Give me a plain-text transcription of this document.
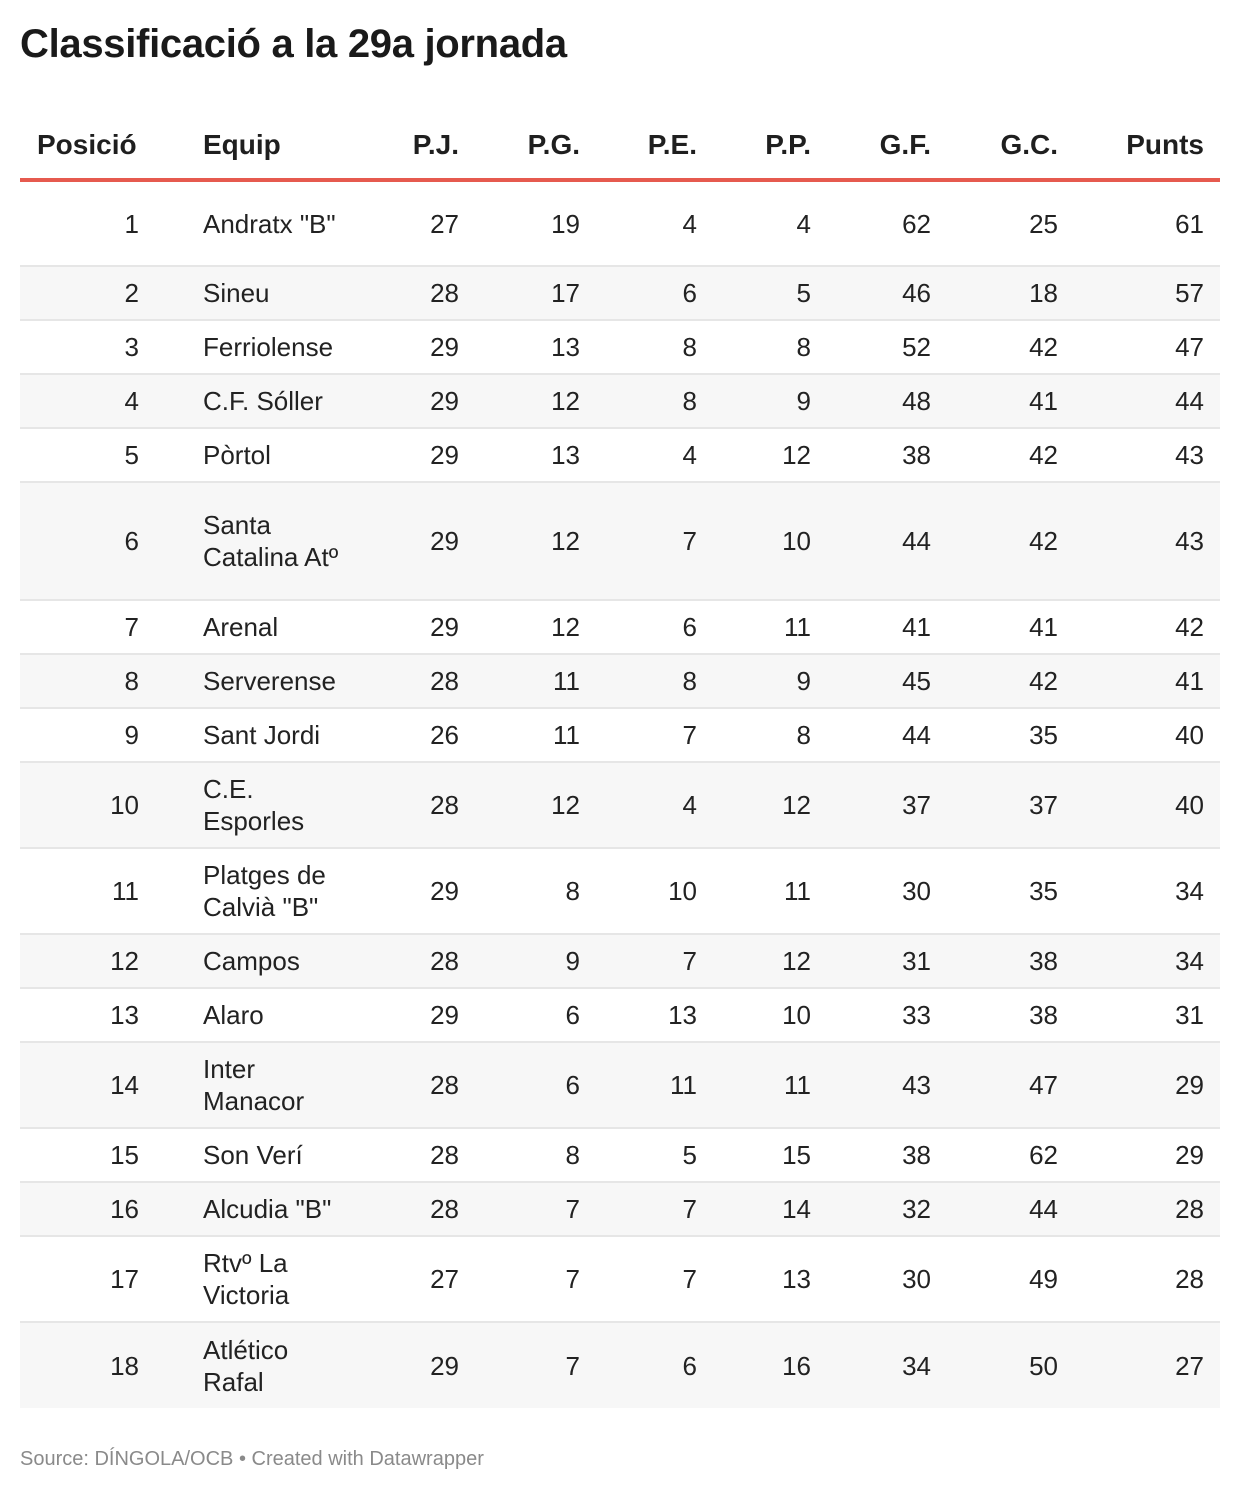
Classificació a la 29a jornada
Posició	Equip	P.J.	P.G.	P.E.	P.P.	G.F.	G.C.	Punts
1	Andratx "B"	27	19	4	4	62	25	61
2	Sineu	28	17	6	5	46	18	57
3	Ferriolense	29	13	8	8	52	42	47
4	C.F. Sóller	29	12	8	9	48	41	44
5	Pòrtol	29	13	4	12	38	42	43
6	Santa Catalina Atº	29	12	7	10	44	42	43
7	Arenal	29	12	6	11	41	41	42
8	Serverense	28	11	8	9	45	42	41
9	Sant Jordi	26	11	7	8	44	35	40
10	C.E. Esporles	28	12	4	12	37	37	40
11	Platges de Calvià "B"	29	8	10	11	30	35	34
12	Campos	28	9	7	12	31	38	34
13	Alaro	29	6	13	10	33	38	31
14	Inter Manacor	28	6	11	11	43	47	29
15	Son Verí	28	8	5	15	38	62	29
16	Alcudia "B"	28	7	7	14	32	44	28
17	Rtvº La Victoria	27	7	7	13	30	49	28
18	Atlético Rafal	29	7	6	16	34	50	27
Source: DÍNGOLA/OCB • Created with Datawrapper
